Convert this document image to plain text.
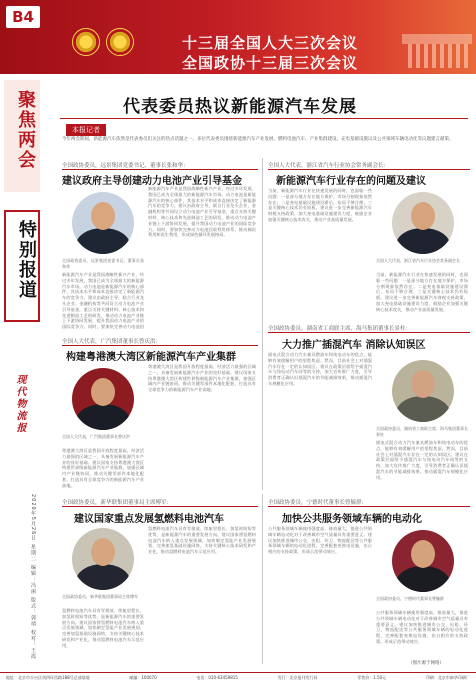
B4
十三届全国人大三次会议
全国政协十三届三次会议
聚焦两会
特别报道
现代物流报
2020年5月26日 星期二 编辑：冯丽 版式：郭靖 校对：王霞
代表委员热议新能源汽车发展
本报记者
今年两会期间，新能源汽车依然是代表委员们关注的热点话题之一。多位代表委员围绕新能源汽车产业发展、燃料电池汽车、产业集群建设、充电基础设施以及公共领域车辆电动化等议题建言献策。
全国政协委员，远景集团党委书记、董事长张和华：
建议政府主导创建动力电池产业引导基金
全国政协委员，远景集团党委书记、董事长张和华
新能源汽车产业是我国战略性新兴产业，经过多年发展，我国已成为全球最大的新能源汽车市场。动力电池是新能源汽车的核心部件，其技术水平和成本直接决定了新能源汽车的竞争力。建议由政府主导，联合行业龙头企业、金融机构等共同设立动力电池产业引导基金，重点支持关键材料、核心技术和先进制造工艺的研发，推动动力电池产业链上下游协同发展，提升我国动力电池产业的国际竞争力。同时，要加快完善动力电池回
新能源汽车产业是我国战略性新兴产业，经过多年发展，我国已成为全球最大的新能源汽车市场。动力电池是新能源汽车的核心部件，其技术水平和成本直接决定了新能源汽车的竞争力。建议由政府主导，联合行业龙头企业、金融机构等共同设立动力电池产业引导基金，重点支持关键材料、核心技术和先进制造工艺的研发，推动动力电池产业链上下游协同发展，提升我国动力电池产业的国际竞争力。同时，要加快完善动力电池回收利用体系，推动梯次利用和再生利用，形成绿色循环发展格局。
全国人大代表，浙江省汽车行业协会常务副会长：
新能源汽车行业存在的问题及建议
当前，新能源汽车行业在快速发展的同时，也面临一些问题：一是部分地方存在地方保护，市场分割现象依然存在；二是充电基础设施建设滞后，布局不够合理；三是关键核心技术仍有短板。建议进一步完善新能源汽车财税支持政策，加大充电基础设施建设力度，鼓励企业加强关键核心技术攻关，推动产业高质量发展。
全国人大代表，浙江省汽车行业协会常务副会长
当前，新能源汽车行业在快速发展的同时，也面临一些问题：一是部分地方存在地方保护，市场分割现象依然存在；二是充电基础设施建设滞后，布局不够合理；三是关键核心技术仍有短板。建议进一步完善新能源汽车财税支持政策，加大充电基础设施建设力度，鼓励企业加强关键核心技术攻关，推动产业高质量发展。
全国人大代表，广汽集团董事长曾庆洪：
构建粤港澳大湾区新能源汽车产业集群
全国人大代表，广汽集团董事长曾庆洪
粤港澳大湾区是我国开放程度最高、经济活力最强的区域之一，具备发展新能源汽车产业的良好基础。建议国家支持粤港澳大湾区构建世界级新能源汽车产业集群，加强区域内产业链协同，推动关键零部件本地化配套，打造具有全球竞争力的新能源汽车产业高地。
粤港澳大湾区是我国开放程度最高、经济活力最强的区域之一，具备发展新能源汽车产业的良好基础。建议国家支持粤港澳大湾区构建世界级新能源汽车产业集群，加强区域内产业链协同，推动关键零部件本地化配套，打造具有全球竞争力的新能源汽车产业高地。
全国政协委员，湖南省工商联主席、海马集团董事长景柱：
大力推广插混汽车 消除认知误区
插电式混合动力汽车兼具燃油车和纯电动车的优点，能够有效缓解用户的里程焦虑。然而，目前社会上对插混汽车存在一定的认知误区。建议在政策层面给予插混汽车与纯电动汽车同等的支持，加大宣传推广力度，引导消费者正确认识插混汽车的节能减排效果，推动插混汽车规模化应用。
全国政协委员，湖南省工商联主席、海马集团董事长景柱
插电式混合动力汽车兼具燃油车和纯电动车的优点，能够有效缓解用户的里程焦虑。然而，目前社会上对插混汽车存在一定的认知误区。建议在政策层面给予插混汽车与纯电动汽车同等的支持，加大宣传推广力度，引导消费者正确认识插混汽车的节能减排效果，推动插混汽车规模化应用。
全国政协委员，新华联集团董事局主席傅军：
建议国家重点发展氢燃料电池汽车
全国政协委员，新华联集团董事局主席傅军
氢燃料电池汽车具有零排放、续航里程长、加氢时间短等优势，是新能源汽车的重要发展方向。建议国家将氢燃料电池汽车纳入重点发展领域，加快制定氢能产业发展规划，完善加氢基础设施网络，支持关键核心技术研发和产业化，推动氢燃料电池汽车示范应用。
氢燃料电池汽车具有零排放、续航里程长、加氢时间短等优势，是新能源汽车的重要发展方向。建议国家将氢燃料电池汽车纳入重点发展领域，加快制定氢能产业发展规划，完善加氢基础设施网络，支持关键核心技术研发和产业化，推动氢燃料电池汽车示范应用。
全国政协委员，宁德时代董事长曾毓群：
加快公共服务领域车辆的电动化
公共服务领域车辆使用强度高、排放量大，推进公共领域车辆电动化对于改善城市空气质量具有重要意义。建议加快推进城市公交、出租、环卫、物流配送等公共服务领域车辆的电动化进程，完善配套充换电设施，出台相应的支持政策，形成示范带动效应。
全国政协委员，宁德时代董事长曾毓群
公共服务领域车辆使用强度高、排放量大，推进公共领域车辆电动化对于改善城市空气质量具有重要意义。建议加快推进城市公交、出租、环卫、物流配送等公共服务领域车辆的电动化进程，完善配套充换电设施，出台相应的支持政策，形成示范带动效应。
（图片源于网络）
地址：北京市丰台区南四环西路188号总部基地	邮编：100070	电话：010-63459815	发行：北京报刊发行局	零售价：1.50元	印刷：北京市新华印刷厂
